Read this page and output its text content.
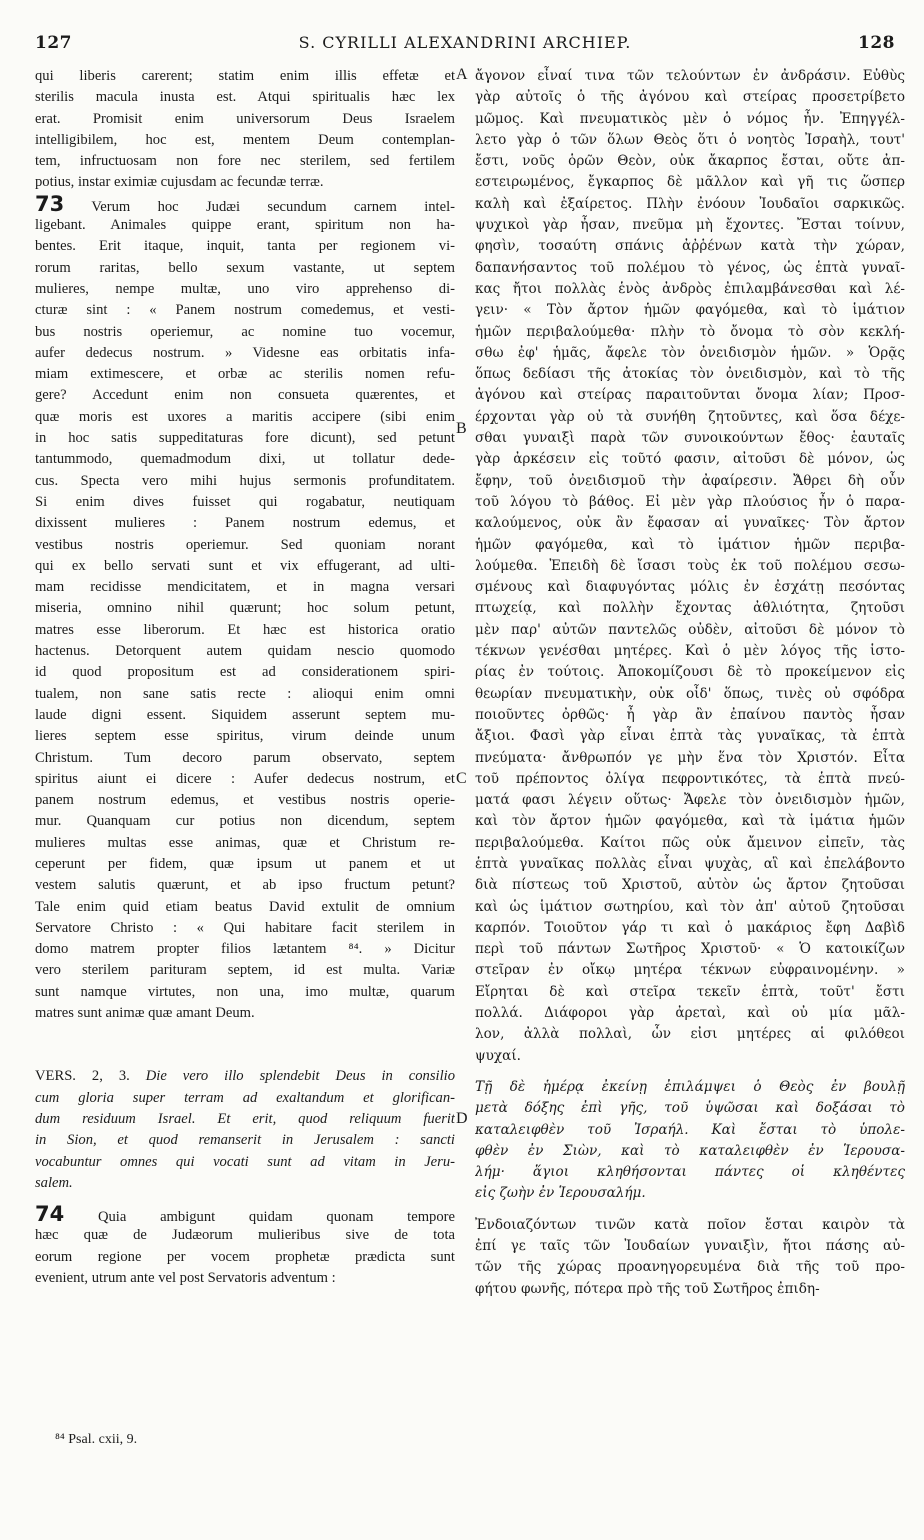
127	S. CYRILLI ALEXANDRINI ARCHIEP.	128
qui liberis carerent; statim enim illis effetæ et
sterilis macula inusta est. Atqui spiritualis hæc lex
erat. Promisit enim universorum Deus Israelem
intelligibilem, hoc est, mentem Deum contemplan-
tem, infructuosam non fore nec sterilem, sed fertilem
potius, instar eximiæ cujusdam ac fecundæ terræ.
73 Verum hoc Judæi secundum carnem intel-
ligebant. Animales quippe erant, spiritum non ha-
bentes. Erit itaque, inquit, tanta per regionem vi-
rorum raritas, bello sexum vastante, ut septem
mulieres, nempe multæ, uno viro apprehenso di-
cturæ sint : « Panem nostrum comedemus, et vesti-
bus nostris operiemur, ac nomine tuo vocemur,
aufer dedecus nostrum. » Videsne eas orbitatis infa-
miam extimescere, et orbæ ac sterilis nomen refu-
gere? Accedunt enim non consueta quærentes, et
quæ moris est uxores a maritis accipere (sibi enim
in hoc satis suppeditaturas fore dicunt), sed petunt
tantummodo, quemadmodum dixi, ut tollatur dede-
cus. Specta vero mihi hujus sermonis profunditatem.
Si enim dives fuisset qui rogabatur, neutiquam
dixissent mulieres : Panem nostrum edemus, et
vestibus nostris operiemur. Sed quoniam norant
qui ex bello servati sunt et vix effugerant, ad ulti-
mam recidisse mendicitatem, et in magna versari
miseria, omnino nihil quærunt; hoc solum petunt,
matres esse liberorum. Et hæc est historica oratio
hactenus. Detorquent autem quidam nescio quomodo
id quod propositum est ad considerationem spiri-
tualem, non sane satis recte : alioqui enim omni
laude digni essent. Siquidem asserunt septem mu-
lieres septem esse spiritus, virum deinde unum
Christum. Tum decoro parum observato, septem
spiritus aiunt ei dicere : Aufer dedecus nostrum, et
panem nostrum edemus, et vestibus nostris operie-
mur. Quanquam cur potius non dicendum, septem
mulieres multas esse animas, quæ et Christum re-
ceperunt per fidem, quæ ipsum ut panem et ut
vestem salutis quærunt, et ab ipso fructum petunt?
Tale enim quid etiam beatus David extulit de omnium
Servatore Christo : « Qui habitare facit sterilem in
domo matrem propter filios lætantem ⁸⁴. » Dicitur
vero sterilem parituram septem, id est multa. Variæ
sunt namque virtutes, non una, imo multæ, quarum
matres sunt animæ quæ amant Deum.
VERS. 2, 3. Die vero illo splendebit Deus in consilio
cum gloria super terram ad exaltandum et glorifican-
dum residuum Israel. Et erit, quod reliquum fuerit
in Sion, et quod remanserit in Jerusalem : sancti
vocabuntur omnes qui vocati sunt ad vitam in Jeru-
salem.
74 Quia ambigunt quidam quonam tempore
hæc quæ de Judæorum mulieribus sive de tota
eorum regione per vocem prophetæ prædicta sunt
evenient, utrum ante vel post Servatoris adventum :
A
B
C
D
ἄγονον εἶναί τινα τῶν τελούντων ἐν ἀνδράσιν. Εὐθὺς
γὰρ αὐτοῖς ὁ τῆς ἀγόνου καὶ στείρας προσετρίβετο
μῶμος. Καὶ πνευματικὸς μὲν ὁ νόμος ἦν. Ἐπηγγέλ-
λετο γὰρ ὁ τῶν ὅλων Θεὸς ὅτι ὁ νοητὸς Ἰσραὴλ, τουτ'
ἔστι, νοῦς ὁρῶν Θεὸν, οὐκ ἄκαρπος ἔσται, οὔτε ἀπ-
εστειρωμένος, ἔγκαρπος δὲ μᾶλλον καὶ γῆ τις ὥσπερ
καλὴ καὶ ἐξαίρετος. Πλὴν ἐνόουν Ἰουδαῖοι σαρκικῶς.
ψυχικοὶ γὰρ ἦσαν, πνεῦμα μὴ ἔχοντες. Ἔσται τοίνυν,
φησὶν, τοσαύτη σπάνις ἀῤῥένων κατὰ τὴν χώραν,
δαπανήσαντος τοῦ πολέμου τὸ γένος, ὡς ἑπτὰ γυναῖ-
κας ἤτοι πολλὰς ἑνὸς ἀνδρὸς ἐπιλαμβάνεσθαι καὶ λέ-
γειν· « Τὸν ἄρτον ἡμῶν φαγόμεθα, καὶ τὸ ἱμάτιον
ἡμῶν περιβαλούμεθα· πλὴν τὸ ὄνομα τὸ σὸν κεκλή-
σθω ἐφ' ἡμᾶς, ἄφελε τὸν ὀνειδισμὸν ἡμῶν. » Ὁρᾷς
ὅπως δεδίασι τῆς ἀτοκίας τὸν ὀνειδισμὸν, καὶ τὸ τῆς
ἀγόνου καὶ στείρας παραιτοῦνται ὄνομα λίαν; Προσ-
έρχονται γὰρ οὐ τὰ συνήθη ζητοῦντες, καὶ ὅσα δέχε-
σθαι γυναιξὶ παρὰ τῶν συνοικούντων ἔθος· ἑαυταῖς
γὰρ ἀρκέσειν εἰς τοῦτό φασιν, αἰτοῦσι δὲ μόνον, ὡς
ἔφην, τοῦ ὀνειδισμοῦ τὴν ἀφαίρεσιν. Ἄθρει δὴ οὖν
τοῦ λόγου τὸ βάθος. Εἰ μὲν γὰρ πλούσιος ἦν ὁ παρα-
καλούμενος, οὐκ ἂν ἔφασαν αἱ γυναῖκες· Τὸν ἄρτον
ἡμῶν φαγόμεθα, καὶ τὸ ἱμάτιον ἡμῶν περιβα-
λούμεθα. Ἐπειδὴ δὲ ἴσασι τοὺς ἐκ τοῦ πολέμου σεσω-
σμένους καὶ διαφυγόντας μόλις ἐν ἐσχάτῃ πεσόντας
πτωχείᾳ, καὶ πολλὴν ἔχοντας ἀθλιότητα, ζητοῦσι
μὲν παρ' αὐτῶν παντελῶς οὐδὲν, αἰτοῦσι δὲ μόνον τὸ
τέκνων γενέσθαι μητέρες. Καὶ ὁ μὲν λόγος τῆς ἱστο-
ρίας ἐν τούτοις. Ἀποκομίζουσι δὲ τὸ προκείμενον εἰς
θεωρίαν πνευματικὴν, οὐκ οἶδ' ὅπως, τινὲς οὐ σφόδρα
ποιοῦντες ὀρθῶς· ἦ γὰρ ἂν ἐπαίνου παντὸς ἦσαν
ἄξιοι. Φασὶ γὰρ εἶναι ἑπτὰ τὰς γυναῖκας, τὰ ἑπτὰ
πνεύματα· ἄνθρωπόν γε μὴν ἕνα τὸν Χριστόν. Εἶτα
τοῦ πρέποντος ὀλίγα πεφροντικότες, τὰ ἑπτὰ πνεύ-
ματά φασι λέγειν οὕτως· Ἄφελε τὸν ὀνειδισμὸν ἡμῶν,
καὶ τὸν ἄρτον ἡμῶν φαγόμεθα, καὶ τὰ ἱμάτια ἡμῶν
περιβαλούμεθα. Καίτοι πῶς οὐκ ἄμεινον εἰπεῖν, τὰς
ἑπτὰ γυναῖκας πολλὰς εἶναι ψυχὰς, αἳ καὶ ἐπελάβοντο
διὰ πίστεως τοῦ Χριστοῦ, αὐτὸν ὡς ἄρτον ζητοῦσαι
καὶ ὡς ἱμάτιον σωτηρίου, καὶ τὸν ἀπ' αὐτοῦ ζητοῦσαι
καρπόν. Τοιοῦτον γάρ τι καὶ ὁ μακάριος ἔφη Δαβὶδ
περὶ τοῦ πάντων Σωτῆρος Χριστοῦ· « Ὁ κατοικίζων
στεῖραν ἐν οἴκῳ μητέρα τέκνων εὐφραινομένην. »
Εἴρηται δὲ καὶ στεῖρα τεκεῖν ἑπτὰ, τοῦτ' ἔστι
πολλά. Διάφοροι γὰρ ἀρεταὶ, καὶ οὐ μία μᾶλ-
λον, ἀλλὰ πολλαὶ, ὧν εἰσι μητέρες αἱ φιλόθεοι
ψυχαί.
Τῇ δὲ ἡμέρᾳ ἐκείνῃ ἐπιλάμψει ὁ Θεὸς ἐν βουλῇ
μετὰ δόξης ἐπὶ γῆς, τοῦ ὑψῶσαι καὶ δοξάσαι τὸ
καταλειφθὲν τοῦ Ἰσραήλ. Καὶ ἔσται τὸ ὑπολε-
φθὲν ἐν Σιὼν, καὶ τὸ καταλειφθὲν ἐν Ἱερουσα-
λήμ· ἅγιοι κληθήσονται πάντες οἱ κληθέντες
εἰς ζωὴν ἐν Ἱερουσαλήμ.
Ἐνδοιαζόντων τινῶν κατὰ ποῖον ἔσται καιρὸν τὰ
ἐπί γε ταῖς τῶν Ἰουδαίων γυναιξὶν, ἤτοι πάσης αὐ-
τῶν τῆς χώρας προανηγορευμένα διὰ τῆς τοῦ προ-
φήτου φωνῆς, πότερα πρὸ τῆς τοῦ Σωτῆρος ἐπιδη-
⁸⁴ Psal. cxii, 9.
